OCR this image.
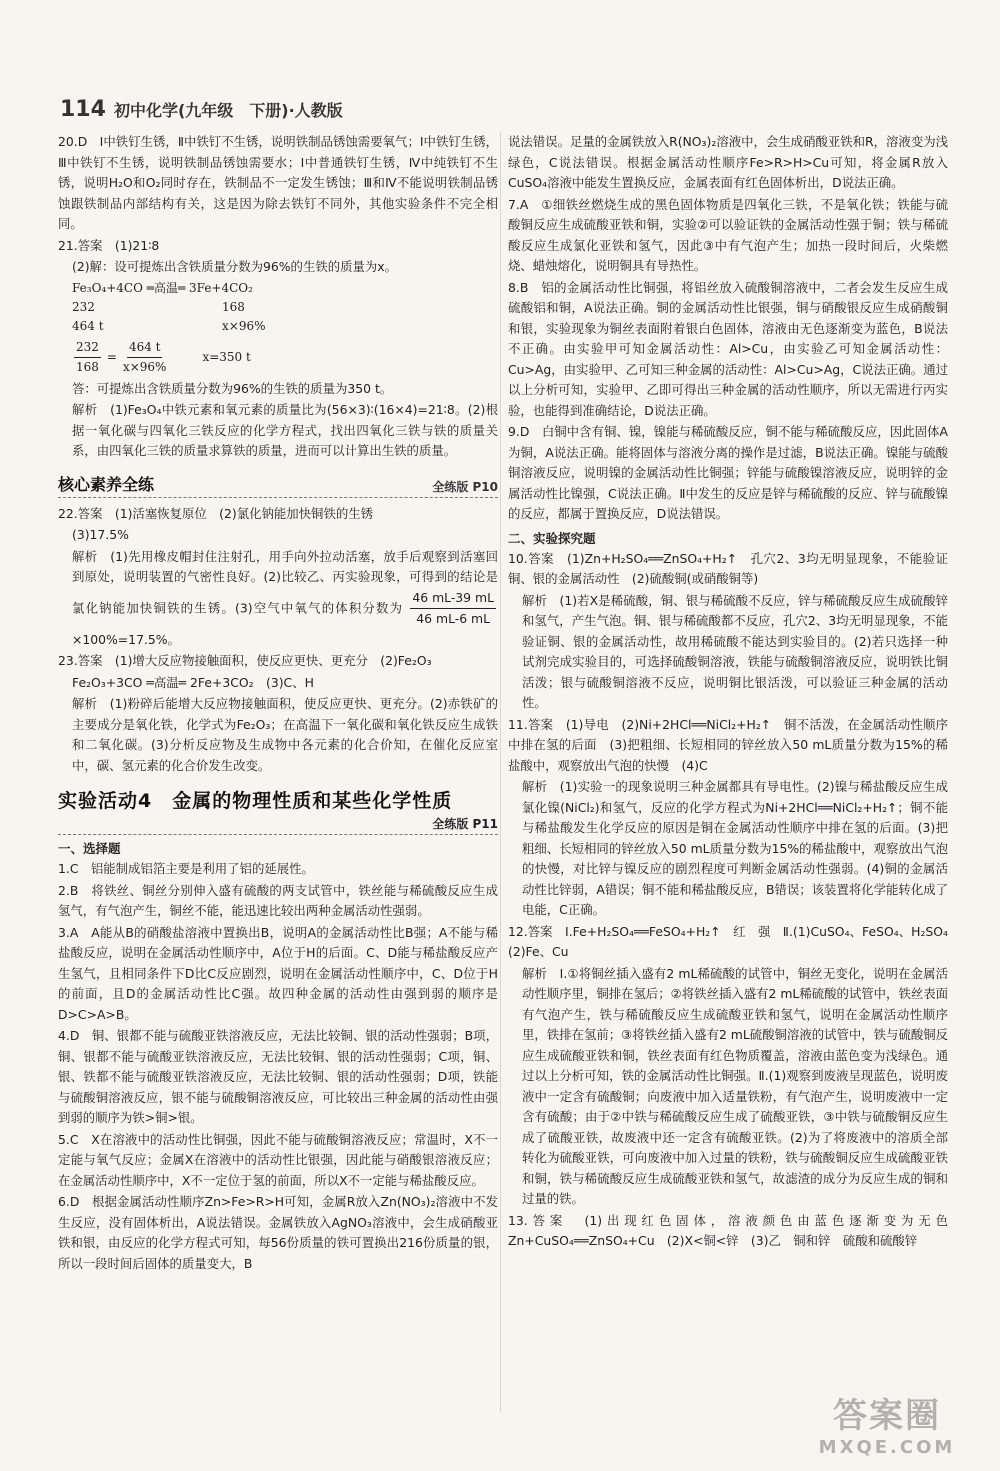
114 初中化学(九年级　下册)·人教版

20.D　Ⅰ中铁钉生锈，Ⅱ中铁钉不生锈，说明铁制品锈蚀需要氧气；Ⅰ中铁钉生锈，Ⅲ中铁钉不生锈，说明铁制品锈蚀需要水；Ⅰ中普通铁钉生锈，Ⅳ中纯铁钉不生锈，说明H₂O和O₂同时存在，铁制品不一定发生锈蚀；Ⅲ和Ⅳ不能说明铁制品锈蚀跟铁制品内部结构有关，这是因为除去铁钉不同外，其他实验条件不完全相同。

21.答案　(1)21∶8

(2)解：设可提炼出含铁质量分数为96%的生铁的质量为x。

Fe₃O₄+4CO ═高温═ 3Fe+4CO₂
232	168
464 t	x×96%
$\frac{232}{168} = \frac{464 t}{x\times 96\%}$	x=350 t

答：可提炼出含铁质量分数为96%的生铁的质量为350 t。

解析　(1)Fe₃O₄中铁元素和氧元素的质量比为(56×3)∶(16×4)=21∶8。(2)根据一氧化碳与四氧化三铁反应的化学方程式，找出四氧化三铁与铁的质量关系，由四氧化三铁的质量求算铁的质量，进而可以计算出生铁的质量。

核心素养全练	全练版 P10

22.答案　(1)活塞恢复原位　(2)氯化钠能加快铜铁的生锈

(3)17.5%

解析　(1)先用橡皮帽封住注射孔，用手向外拉动活塞，放手后观察到活塞回到原处，说明装置的气密性良好。(2)比较乙、丙实验现象，可得到的结论是氯化钠能加快铜铁的生锈。(3)空气中氧气的体积分数为 $\frac{46 mL-39 mL}{46 mL-6 mL}$
×100%=17.5%。

23.答案　(1)增大反应物接触面积，使反应更快、更充分　(2)Fe₂O₃

Fe₂O₃+3CO ═高温═ 2Fe+3CO₂　(3)C、H

解析　(1)粉碎后能增大反应物接触面积，使反应更快、更充分。(2)赤铁矿的主要成分是氧化铁，化学式为Fe₂O₃；在高温下一氧化碳和氧化铁反应生成铁和二氧化碳。(3)分析反应物及生成物中各元素的化合价知，在催化反应室中，碳、氢元素的化合价发生改变。

实验活动4　金属的物理性质和某些化学性质
全练版 P11
一、选择题

1.C　铝能制成铝箔主要是利用了铝的延展性。

2.B　将铁丝、铜丝分别伸入盛有硫酸的两支试管中，铁丝能与稀硫酸反应生成氢气，有气泡产生，铜丝不能，能迅速比较出两种金属活动性强弱。

3.A　A能从B的硝酸盐溶液中置换出B，说明A的金属活动性比B强；A不能与稀盐酸反应，说明在金属活动性顺序中，A位于H的后面。C、D能与稀盐酸反应产生氢气，且相同条件下D比C反应剧烈，说明在金属活动性顺序中，C、D位于H的前面，且D的金属活动性比C强。故四种金属的活动性由强到弱的顺序是D>C>A>B。

4.D　铜、银都不能与硫酸亚铁溶液反应，无法比较铜、银的活动性强弱；B项，铜、银都不能与硫酸亚铁溶液反应，无法比较铜、银的活动性强弱；C项，铜、银、铁都不能与硫酸亚铁溶液反应，无法比较铜、银的活动性强弱；D项，铁能与硫酸铜溶液反应，银不能与硫酸铜溶液反应，可比较出三种金属的活动性由强到弱的顺序为铁>铜>银。

5.C　X在溶液中的活动性比铜强，因此不能与硫酸铜溶液反应；常温时，X不一定能与氧气反应；金属X在溶液中的活动性比银强，因此能与硝酸银溶液反应；在金属活动性顺序中，X不一定位于氢的前面，所以X不一定能与稀盐酸反应。

6.D　根据金属活动性顺序Zn>Fe>R>H可知，金属R放入Zn(NO₃)₂溶液中不发生反应，没有固体析出，A说法错误。金属铁放入AgNO₃溶液中，会生成硝酸亚铁和银，由反应的化学方程式可知，每56份质量的铁可置换出216份质量的银，所以一段时间后固体的质量变大，B

说法错误。足量的金属铁放入R(NO₃)₂溶液中，会生成硝酸亚铁和R，溶液变为浅绿色，C说法错误。根据金属活动性顺序Fe>R>H>Cu可知，将金属R放入CuSO₄溶液中能发生置换反应，金属表面有红色固体析出，D说法正确。

7.A　①细铁丝燃烧生成的黑色固体物质是四氧化三铁，不是氧化铁；铁能与硫酸铜反应生成硫酸亚铁和铜，实验②可以验证铁的金属活动性强于铜；铁与稀硫酸反应生成氯化亚铁和氢气，因此③中有气泡产生；加热一段时间后，火柴燃烧、蜡烛熔化，说明铜具有导热性。

8.B　铝的金属活动性比铜强，将铝丝放入硫酸铜溶液中，二者会发生反应生成硫酸铝和铜，A说法正确。铜的金属活动性比银强，铜与硝酸银反应生成硝酸铜和银，实验现象为铜丝表面附着银白色固体，溶液由无色逐渐变为蓝色，B说法不正确。由实验甲可知金属活动性：Al>Cu，由实验乙可知金属活动性：Cu>Ag，由实验甲、乙可知三种金属的活动性：Al>Cu>Ag，C说法正确。通过以上分析可知，实验甲、乙即可得出三种金属的活动性顺序，所以无需进行丙实验，也能得到准确结论，D说法正确。

9.D　白铜中含有铜、镍，镍能与稀硫酸反应，铜不能与稀硫酸反应，因此固体A为铜，A说法正确。能将固体与溶液分离的操作是过滤，B说法正确。镍能与硫酸铜溶液反应，说明镍的金属活动性比铜强；锌能与硫酸镍溶液反应，说明锌的金属活动性比镍强，C说法正确。Ⅱ中发生的反应是锌与稀硫酸的反应、锌与硫酸镍的反应，都属于置换反应，D说法错误。

二、实验探究题

10.答案　(1)Zn+H₂SO₄══ZnSO₄+H₂↑　孔穴2、3均无明显现象，不能验证铜、银的金属活动性　(2)硫酸铜(或硝酸铜等)

解析　(1)若X是稀硫酸，铜、银与稀硫酸不反应，锌与稀硫酸反应生成硫酸锌和氢气，产生气泡。铜、银与稀硫酸都不反应，孔穴2、3均无明显现象，不能验证铜、银的金属活动性，故用稀硫酸不能达到实验目的。(2)若只选择一种试剂完成实验目的，可选择硫酸铜溶液，铁能与硫酸铜溶液反应，说明铁比铜活泼；银与硫酸铜溶液不反应，说明铜比银活泼，可以验证三种金属的活动性。

11.答案　(1)导电　(2)Ni+2HCl══NiCl₂+H₂↑　铜不活泼，在金属活动性顺序中排在氢的后面　(3)把粗细、长短相同的锌丝放入50 mL质量分数为15%的稀盐酸中，观察放出气泡的快慢　(4)C

解析　(1)实验一的现象说明三种金属都具有导电性。(2)镍与稀盐酸反应生成氯化镍(NiCl₂)和氢气，反应的化学方程式为Ni+2HCl══NiCl₂+H₂↑；铜不能与稀盐酸发生化学反应的原因是铜在金属活动性顺序中排在氢的后面。(3)把粗细、长短相同的锌丝放入50 mL质量分数为15%的稀盐酸中，观察放出气泡的快慢，对比锌与镍反应的剧烈程度可判断金属活动性强弱。(4)铜的金属活动性比锌弱，A错误；铜不能和稀盐酸反应，B错误；该装置将化学能转化成了电能，C正确。

12.答案　Ⅰ.Fe+H₂SO₄══FeSO₄+H₂↑　红　强　Ⅱ.(1)CuSO₄、FeSO₄、H₂SO₄　(2)Fe、Cu

解析　Ⅰ.①将铜丝插入盛有2 mL稀硫酸的试管中，铜丝无变化，说明在金属活动性顺序里，铜排在氢后；②将铁丝插入盛有2 mL稀硫酸的试管中，铁丝表面有气泡产生，铁与稀硫酸反应生成硫酸亚铁和氢气，说明在金属活动性顺序里，铁排在氢前；③将铁丝插入盛有2 mL硫酸铜溶液的试管中，铁与硫酸铜反应生成硫酸亚铁和铜，铁丝表面有红色物质覆盖，溶液由蓝色变为浅绿色。通过以上分析可知，铁的金属活动性比铜强。Ⅱ.(1)观察到废液呈现蓝色，说明废液中一定含有硫酸铜；向废液中加入适量铁粉，有气泡产生，说明废液中一定含有硫酸；由于②中铁与稀硫酸反应生成了硫酸亚铁，③中铁与硫酸铜反应生成了硫酸亚铁，故废液中还一定含有硫酸亚铁。(2)为了将废液中的溶质全部转化为硫酸亚铁，可向废液中加入过量的铁粉，铁与硫酸铜反应生成硫酸亚铁和铜，铁与稀硫酸反应生成硫酸亚铁和氢气，故滤渣的成分为反应生成的铜和过量的铁。

13.答案　(1)出现红色固体，溶液颜色由蓝色逐渐变为无色　Zn+CuSO₄══ZnSO₄+Cu　(2)X<铜<锌　(3)乙　铜和锌　硫酸和硫酸锌

答案圈
MXQE.COM
